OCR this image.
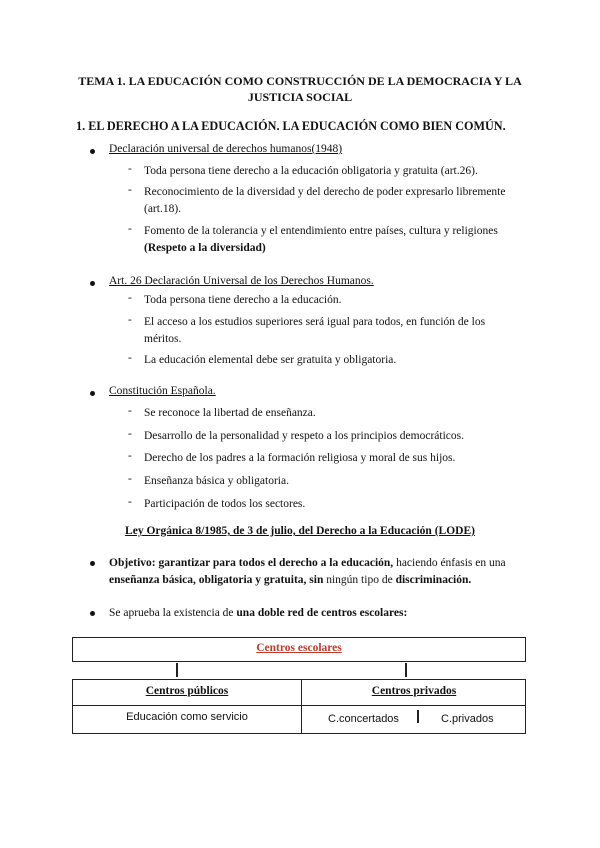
TEMA 1. LA EDUCACIÓN COMO CONSTRUCCIÓN DE LA DEMOCRACIA Y LA JUSTICIA SOCIAL
1. EL DERECHO A LA EDUCACIÓN. LA EDUCACIÓN COMO BIEN COMÚN.
Declaración universal de derechos humanos(1948)
- Toda persona tiene derecho a la educación obligatoria y gratuita (art.26).
- Reconocimiento de la diversidad y del derecho de poder expresarlo libremente (art.18).
- Fomento de la tolerancia y el entendimiento entre países, cultura y religiones
(Respeto a la diversidad)
Art. 26 Declaración Universal de los Derechos Humanos.
- Toda persona tiene derecho a la educación.
- El acceso a los estudios superiores será igual para todos, en función de los méritos.
- La educación elemental debe ser gratuita y obligatoria.
Constitución Española.
- Se reconoce la libertad de enseñanza.
- Desarrollo de la personalidad y respeto a los principios democráticos.
- Derecho de los padres a la formación religiosa y moral de sus hijos.
- Enseñanza básica y obligatoria.
- Participación de todos los sectores.
Ley Orgánica 8/1985, de 3 de julio, del Derecho a la Educación (LODE)
Objetivo: garantizar para todos el derecho a la educación, haciendo énfasis en una enseñanza básica, obligatoria y gratuita, sin ningún tipo de discriminación.
Se aprueba la existencia de una doble red de centros escolares:
Centros escolares
Centros públicos	Centros privados
Educación como servicio	C.concertados	C.privados
